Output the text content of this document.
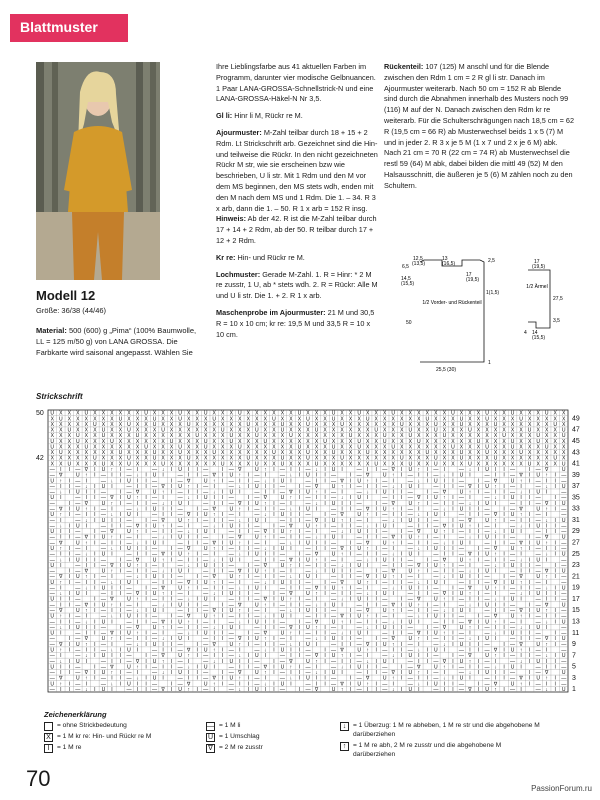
Blattmuster
Modell 12
Größe: 36/38 (44/46)
Material: 500 (600) g „Pima“ (100% Baumwolle, LL = 125 m/50 g) von LANA GROSSA. Die Farbkarte wird saisonal angepasst. Wählen Sie

Ihre Lieblingsfarbe aus 41 aktuellen Farben im Programm, darunter vier modische Gelbnuancen. 1 Paar LANA-GROSSA-Schnellstrick-N und eine LANA-GROSSA-Häkel-N Nr 3,5.

Gl li: Hinr li M, Rückr re M.

Ajourmuster: M-Zahl teilbar durch 18 + 15 + 2 Rdm. Lt Strickschrift arb. Gezeichnet sind die Hin- und teilweise die Rückr. In den nicht gezeichneten Rückr M str, wie sie erscheinen bzw wie beschrieben, U li str. Mit 1 Rdm und den M vor dem MS beginnen, den MS stets wdh, enden mit den M nach dem MS und 1 Rdm. Die 1. – 34. R 3 x arb, dann die 1. – 50. R 1 x arb = 152 R insg. Hinweis: Ab der 42. R ist die M-Zahl teilbar durch 17 + 14 + 2 Rdm, ab der 50. R teilbar durch 17 + 12 + 2 Rdm.

Kr re: Hin- und Rückr re M.

Lochmuster: Gerade M-Zahl. 1. R = Hinr: * 2 M re zusstr, 1 U, ab * stets wdh. 2. R = Rückr: Alle M und U li str. Die 1. + 2. R 1 x arb.

Maschenprobe im Ajourmuster: 21 M und 30,5 R = 10 x 10 cm; kr re: 19,5 M und 33,5 R = 10 x 10 cm.

Rückenteil: 107 (125) M anschl und für die Blende zwischen den Rdm 1 cm = 2 R gl li str. Danach im Ajourmuster weiterarb. Nach 50 cm = 152 R ab Blende sind durch die Abnahmen innerhalb des Musters noch 99 (116) M auf der N. Danach zwischen den Rdm kr re weiterarb. Für die Schulterschrägungen nach 18,5 cm = 62 R (19,5 cm = 66 R) ab Musterwechsel beids 1 x 5 (7) M und in jeder 2. R 3 x je 5 M (1 x 7 und 2 x je 6 M) abk. Nach 21 cm = 70 R (22 cm = 74 R) ab Musterwechsel die restl 59 (64) M abk, dabei bilden die mittl 49 (52) M den Halsausschnitt, die äußeren je 5 (6) M zählen noch zu den Schultern.

1/2 Vorder- und Rückenteil
12,5
(13,5)
13
(16,5)	2,5
6,5
14,5
(15,5)
17
(19,5)
1(1,5)
50
25,5 (30)
1
1/2 Ärmel
17
(19,5)
27,5
3,5
14
(15,5)
4
Strickschrift
U X X X U X X X X X X U X X X U X X U X X X U X X X X X X U X X X U X X U X X X U X X X X X X U X X X U X X U X X X U X X
X U X X X X X X U X X X U X X U X X X U X X X X X X U X X X U X X U X X X U X X X X X X U X X X U X X U X X X U X X X X X
X X X X X U X X X U X X U X X X U X X X X X X U X X X U X X U X X X U X X X X X X U X X X U X X U X X X U X X X X X X U X
X X U X X X U X X U X X X U X X X X X X U X X X U X X U X X X U X X X X X X U X X X U X X U X X X U X X X X X X U X X X U
X X X U X X U X X X U X X X X X X U X X X U X X U X X X U X X X X X X U X X X U X X U X X X U X X X X X X U X X X U X X U
U X X U X X X U X X X X X X U X X X U X X U X X X U X X X X X X U X X X U X X U X X X U X X X X X X U X X X U X X U X X X
U X X X U X X X X X X U X X X U X X U X X X U X X X X X X U X X X U X X U X X X U X X X X X X U X X X U X X U X X X U X X
X U X X X X X X U X X X U X X U X X X U X X X X X X U X X X U X X U X X X U X X X X X X U X X X U X X U X X X U X X X X X
X X X X X U X X X U X X U X X X U X X X X X X U X X X U X X U X X X U X X X X X X U X X X U X X U X X X U X X X X X X U X
X X U X X X U X X U X X X U X X X X X X U X X X U X X U X X X U X X X X X X U X X X U X X U X X X U X X X X X X U X X X U
— I I — ∇ I U ↑ I — I	— ↓ I U I I —	I — ∇	U ↑ I — I I — ↓ I U I	— I I — ∇ I U ↑ I — I	— ↓ I U I I —	I — ∇	U
— ∇	U ↑ I — I I — ↓ I U I	— I I — ∇ I U ↑ I — I	— ↓ I U I I —	I — ∇	U ↑ I — I I — ↓ I U I	— I I — ∇ I U ↑ I —
U ↑ I — I	— ↓ I U I I —	I — ∇	U ↑ I — I I — ↓ I U I	— I I — ∇ I U ↑ I — I	— ↓ I U I I —	I — ∇	U ↑ I — I I —
— I I — ↓ I U I	— I I — ∇ I U ↑ I — I	— ↓ I U I I —	I — ∇	U ↑ I — I I — ↓ I U I	— I I — ∇ I U ↑ I — I	— ↓ I U
— ↓ I U I I —	I — ∇	U ↑ I — I I — ↓ I U I	— I I — ∇ I U ↑ I — I	— ↓ I U I I —	I — ∇	U ↑ I — I I — ↓ I U I	—
U I	— I I — ∇ I U ↑ I — I	— ↓ I U I I —	I — ∇	U ↑ I — I I — ↓ I U I	— I I — ∇ I U ↑ I — I	— ↓ I U I I —	I —
—	I — ∇	U ↑ I — I I — ↓ I U I	— I I — ∇ I U ↑ I — I	— ↓ I U I I —	I — ∇	U ↑ I — I I — ↓ I U I	— I I — ∇ I U
— ∇ I U ↑ I — I	— ↓ I U I I —	I — ∇	U ↑ I — I I — ↓ I U I	— I I — ∇ I U ↑ I — I	— ↓ I U I I —	I — ∇	U ↑ I —
U ↑ I — I I — ↓ I U I	— I I — ∇ I U ↑ I — I	— ↓ I U I I —	I — ∇	U ↑ I — I I — ↓ I U I	— I I — ∇ I U ↑ I — I	—
— I	— ↓ I U I I —	I — ∇	U ↑ I — I I — ↓ I U I	— I I — ∇ I U ↑ I — I	— ↓ I U I I —	I — ∇	U ↑ I — I I — ↓ I U
— ↓ I U I	— I I — ∇ I U ↑ I — I	— ↓ I U I I —	I — ∇	U ↑ I — I I — ↓ I U I	— I I — ∇ I U ↑ I — I	— ↓ I U I I —
U I I —	I — ∇	U ↑ I — I I — ↓ I U I	— I I — ∇ I U ↑ I — I	— ↓ I U I I —	I — ∇	U ↑ I — I I — ↓ I U I	— I I —
— I I — ∇ I U ↑ I — I	— ↓ I U I I —	I — ∇	U ↑ I — I I — ↓ I U I	— I I — ∇ I U ↑ I — I	— ↓ I U I I —	I — ∇	U
— ∇	U ↑ I — I I — ↓ I U I	— I I — ∇ I U ↑ I — I	— ↓ I U I I —	I — ∇	U ↑ I — I I — ↓ I U I	— I I — ∇ I U ↑ I —
U ↑ I — I	— ↓ I U I I —	I — ∇	U ↑ I — I I — ↓ I U I	— I I — ∇ I U ↑ I — I	— ↓ I U I I —	I — ∇	U ↑ I — I I —
— I I — ↓ I U I	— I I — ∇ I U ↑ I — I	— ↓ I U I I —	I — ∇	U ↑ I — I I — ↓ I U I	— I I — ∇ I U ↑ I — I	— ↓ I U
— ↓ I U I I —	I — ∇	U ↑ I — I I — ↓ I U I	— I I — ∇ I U ↑ I — I	— ↓ I U I I —	I — ∇	U ↑ I — I I — ↓ I U I	—
U I	— I I — ∇ I U ↑ I — I	— ↓ I U I I —	I — ∇	U ↑ I — I I — ↓ I U I	— I I — ∇ I U ↑ I — I	— ↓ I U I I —	I —
—	I — ∇	U ↑ I — I I — ↓ I U I	— I I — ∇ I U ↑ I — I	— ↓ I U I I —	I — ∇	U ↑ I — I I — ↓ I U I	— I I — ∇ I U
— ∇ I U ↑ I — I	— ↓ I U I I —	I — ∇	U ↑ I — I I — ↓ I U I	— I I — ∇ I U ↑ I — I	— ↓ I U I I —	I — ∇	U ↑ I —
U ↑ I — I I — ↓ I U I	— I I — ∇ I U ↑ I — I	— ↓ I U I I —	I — ∇	U ↑ I — I I — ↓ I U I	— I I — ∇ I U ↑ I — I	—
— I	— ↓ I U I I —	I — ∇	U ↑ I — I I — ↓ I U I	— I I — ∇ I U ↑ I — I	— ↓ I U I I —	I — ∇	U ↑ I — I I — ↓ I U
— ↓ I U I	— I I — ∇ I U ↑ I — I	— ↓ I U I I —	I — ∇	U ↑ I — I I — ↓ I U I	— I I — ∇ I U ↑ I — I	— ↓ I U I I —
U I I —	I — ∇	U ↑ I — I I — ↓ I U I	— I I — ∇ I U ↑ I — I	— ↓ I U I I —	I — ∇	U ↑ I — I I — ↓ I U I	— I I —
— I I — ∇ I U ↑ I — I	— ↓ I U I I —	I — ∇	U ↑ I — I I — ↓ I U I	— I I — ∇ I U ↑ I — I	— ↓ I U I I —	I — ∇	U
— ∇	U ↑ I — I I — ↓ I U I	— I I — ∇ I U ↑ I — I	— ↓ I U I I —	I — ∇	U ↑ I — I I — ↓ I U I	— I I — ∇ I U ↑ I —
U ↑ I — I	— ↓ I U I I —	I — ∇	U ↑ I — I I — ↓ I U I	— I I — ∇ I U ↑ I — I	— ↓ I U I I —	I — ∇	U ↑ I — I I —
— I I — ↓ I U I	— I I — ∇ I U ↑ I — I	— ↓ I U I I —	I — ∇	U ↑ I — I I — ↓ I U I	— I I — ∇ I U ↑ I — I	— ↓ I U
— ↓ I U I I —	I — ∇	U ↑ I — I I — ↓ I U I	— I I — ∇ I U ↑ I — I	— ↓ I U I I —	I — ∇	U ↑ I — I I — ↓ I U I	—
U I	— I I — ∇ I U ↑ I — I	— ↓ I U I I —	I — ∇	U ↑ I — I I — ↓ I U I	— I I — ∇ I U ↑ I — I	— ↓ I U I I —	I —
—	I — ∇	U ↑ I — I I — ↓ I U I	— I I — ∇ I U ↑ I — I	— ↓ I U I I —	I — ∇	U ↑ I — I I — ↓ I U I	— I I — ∇ I U
— ∇ I U ↑ I — I	— ↓ I U I I —	I — ∇	U ↑ I — I I — ↓ I U I	— I I — ∇ I U ↑ I — I	— ↓ I U I I —	I — ∇	U ↑ I —
U ↑ I — I I — ↓ I U I	— I I — ∇ I U ↑ I — I	— ↓ I U I I —	I — ∇	U ↑ I — I I — ↓ I U I	— I I — ∇ I U ↑ I — I	—
— I	— ↓ I U I I —	I — ∇	U ↑ I — I I — ↓ I U I	— I I — ∇ I U ↑ I — I	— ↓ I U I I —	I — ∇	U ↑ I — I I — ↓ I U
— ↓ I U I	— I I — ∇ I U ↑ I — I	— ↓ I U I I —	I — ∇	U ↑ I — I I — ↓ I U I	— I I — ∇ I U ↑ I — I	— ↓ I U I I —
U I I —	I — ∇	U ↑ I — I I — ↓ I U I	— I I — ∇ I U ↑ I — I	— ↓ I U I I —	I — ∇	U ↑ I — I I — ↓ I U I	— I I —
— I I — ∇ I U ↑ I — I	— ↓ I U I I —	I — ∇	U ↑ I — I I — ↓ I U I	— I I — ∇ I U ↑ I — I	— ↓ I U I I —	I — ∇	U
— ∇	U ↑ I — I I — ↓ I U I	— I I — ∇ I U ↑ I — I	— ↓ I U I I —	I — ∇	U ↑ I — I I — ↓ I U I	— I I — ∇ I U ↑ I —
U ↑ I — I	— ↓ I U I I —	I — ∇	U ↑ I — I I — ↓ I U I	— I I — ∇ I U ↑ I — I	— ↓ I U I I —	I — ∇	U ↑ I — I I —
— I I — ↓ I U I	— I I — ∇ I U ↑ I — I	— ↓ I U I I —	I — ∇	U ↑ I — I I — ↓ I U I	— I I — ∇ I U ↑ I — I	— ↓ I U
49
47
45
43
41
39
37
35
33
31
29
27
25
23
21
19
17
15
13
11
9
7
5
3
1
50
42
Zeichenerklärung
= ohne Strickbedeutung
X = 1 M kr re: Hin- und Rückr re M
I	= 1 M re
— = 1 M li
U = 1 Umschlag
∇ = 2 M re zusstr
↓	= 1 Überzug: 1 M re abheben, 1 M re str und die abgehobene M darüberziehen
↑	= 1 M re abh, 2 M re zusstr und die abgehobene M darüberziehen
70	PassionForum.ru
